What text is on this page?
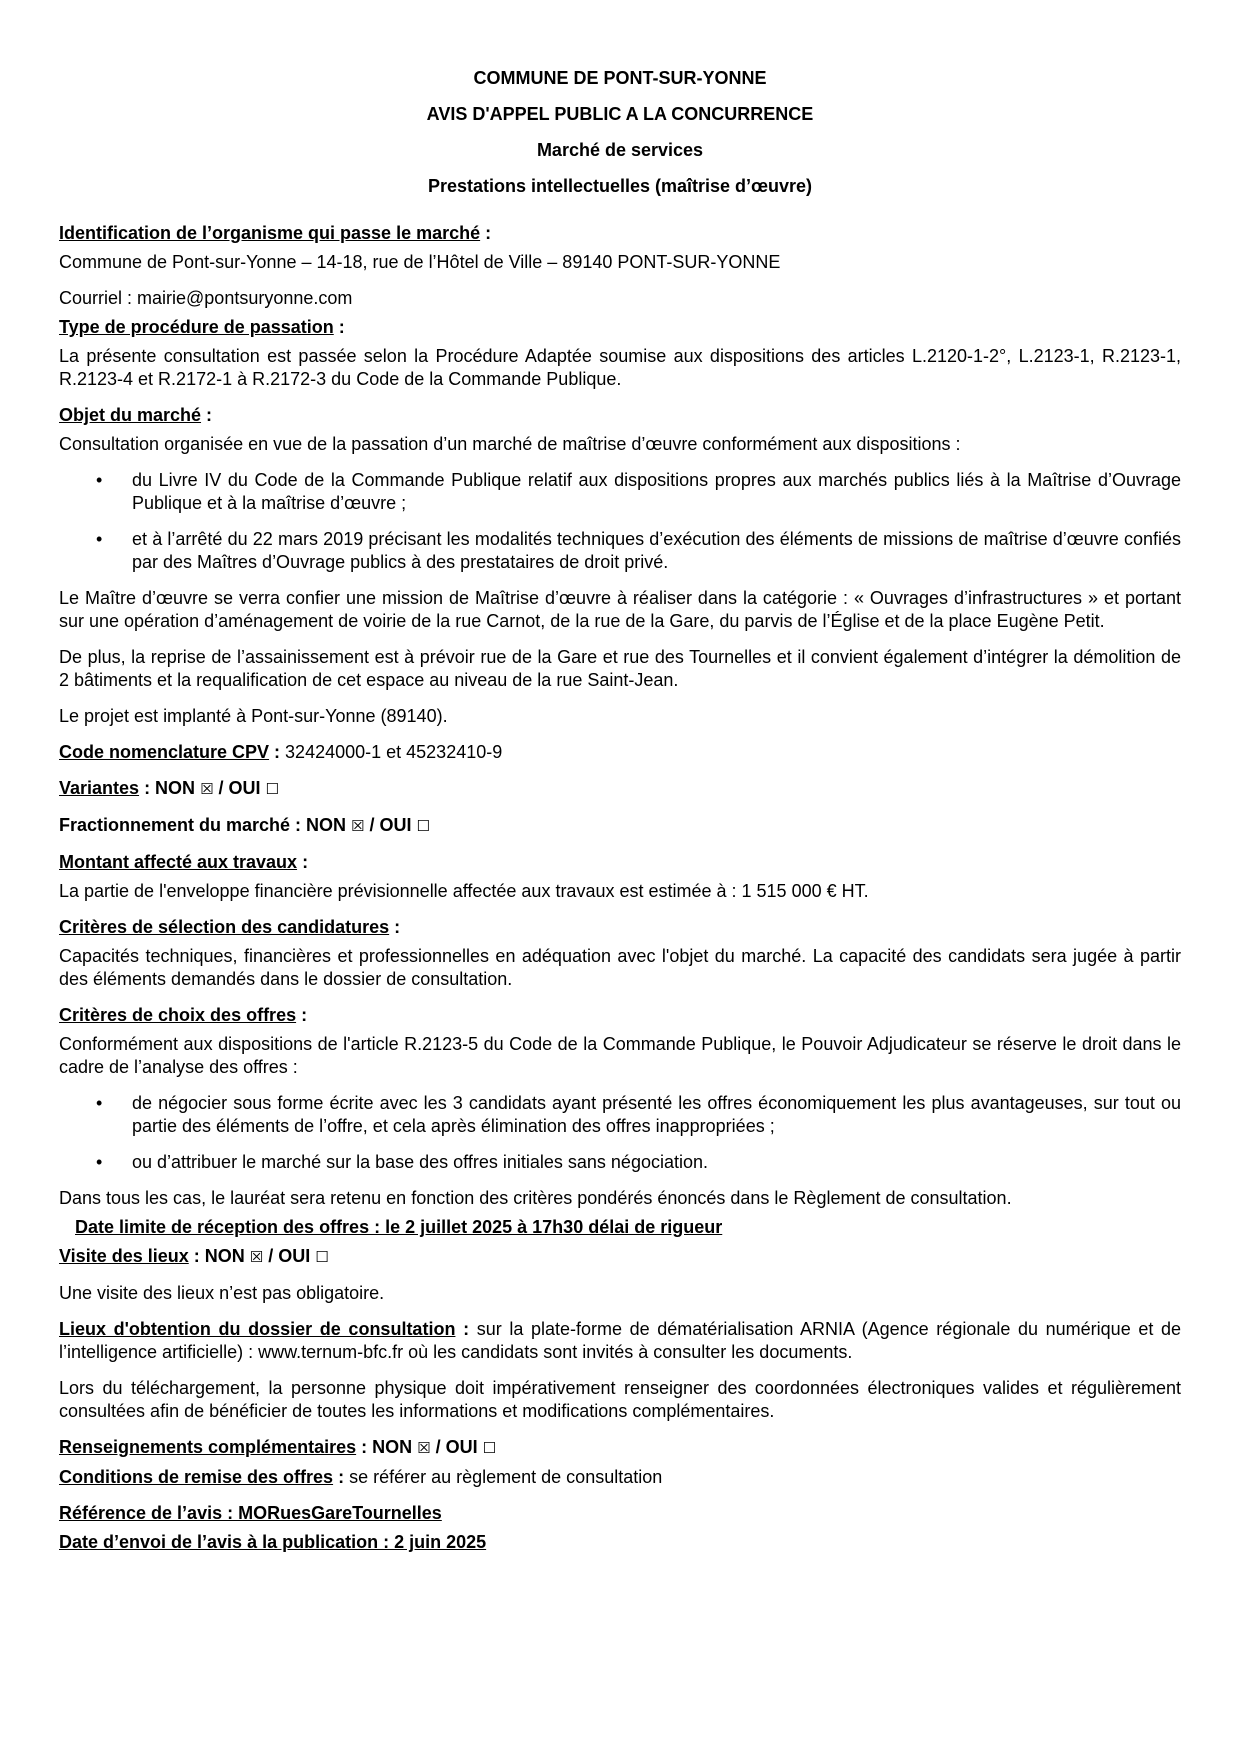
COMMUNE DE PONT-SUR-YONNE
AVIS D'APPEL PUBLIC A LA CONCURRENCE
Marché de services
Prestations intellectuelles (maîtrise d’œuvre)

Identification de l’organisme qui passe le marché :

Commune de Pont-sur-Yonne – 14-18, rue de l’Hôtel de Ville – 89140 PONT-SUR-YONNE

Courriel : mairie@pontsuryonne.com

Type de procédure de passation :

La présente consultation est passée selon la Procédure Adaptée soumise aux dispositions des articles L.2120-1-2°, L.2123-1, R.2123-1, R.2123-4 et R.2172-1 à R.2172-3 du Code de la Commande Publique.

Objet du marché :

Consultation organisée en vue de la passation d’un marché de maîtrise d’œuvre conformément aux dispositions :

• du Livre IV du Code de la Commande Publique relatif aux dispositions propres aux marchés publics liés à la Maîtrise d’Ouvrage Publique et à la maîtrise d’œuvre ;
• et à l’arrêté du 22 mars 2019 précisant les modalités techniques d’exécution des éléments de missions de maîtrise d’œuvre confiés par des Maîtres d’Ouvrage publics à des prestataires de droit privé.

Le Maître d’œuvre se verra confier une mission de Maîtrise d’œuvre à réaliser dans la catégorie : « Ouvrages d’infrastructures » et portant sur une opération d’aménagement de voirie de la rue Carnot, de la rue de la Gare, du parvis de l’Église et de la place Eugène Petit.

De plus, la reprise de l’assainissement est à prévoir rue de la Gare et rue des Tournelles et il convient également d’intégrer la démolition de 2 bâtiments et la requalification de cet espace au niveau de la rue Saint-Jean.

Le projet est implanté à Pont-sur-Yonne (89140).

Code nomenclature CPV : 32424000-1 et 45232410-9

Variantes : NON ☒ / OUI ☐

Fractionnement du marché : NON ☒ / OUI ☐

Montant affecté aux travaux :

La partie de l'enveloppe financière prévisionnelle affectée aux travaux est estimée à : 1 515 000 € HT.

Critères de sélection des candidatures :

Capacités techniques, financières et professionnelles en adéquation avec l'objet du marché. La capacité des candidats sera jugée à partir des éléments demandés dans le dossier de consultation.

Critères de choix des offres :

Conformément aux dispositions de l'article R.2123-5 du Code de la Commande Publique, le Pouvoir Adjudicateur se réserve le droit dans le cadre de l’analyse des offres :

• de négocier sous forme écrite avec les 3 candidats ayant présenté les offres économiquement les plus avantageuses, sur tout ou partie des éléments de l’offre, et cela après élimination des offres inappropriées ;
• ou d’attribuer le marché sur la base des offres initiales sans négociation.

Dans tous les cas, le lauréat sera retenu en fonction des critères pondérés énoncés dans le Règlement de consultation.

Date limite de réception des offres : le 2 juillet 2025 à 17h30 délai de rigueur

Visite des lieux : NON ☒ / OUI ☐

Une visite des lieux n’est pas obligatoire.

Lieux d'obtention du dossier de consultation : sur la plate-forme de dématérialisation ARNIA (Agence régionale du numérique et de l’intelligence artificielle) : www.ternum-bfc.fr où les candidats sont invités à consulter les documents.

Lors du téléchargement, la personne physique doit impérativement renseigner des coordonnées électroniques valides et régulièrement consultées afin de bénéficier de toutes les informations et modifications complémentaires.

Renseignements complémentaires : NON ☒ / OUI ☐

Conditions de remise des offres : se référer au règlement de consultation

Référence de l’avis : MORuesGareTournelles

Date d’envoi de l’avis à la publication : 2 juin 2025
